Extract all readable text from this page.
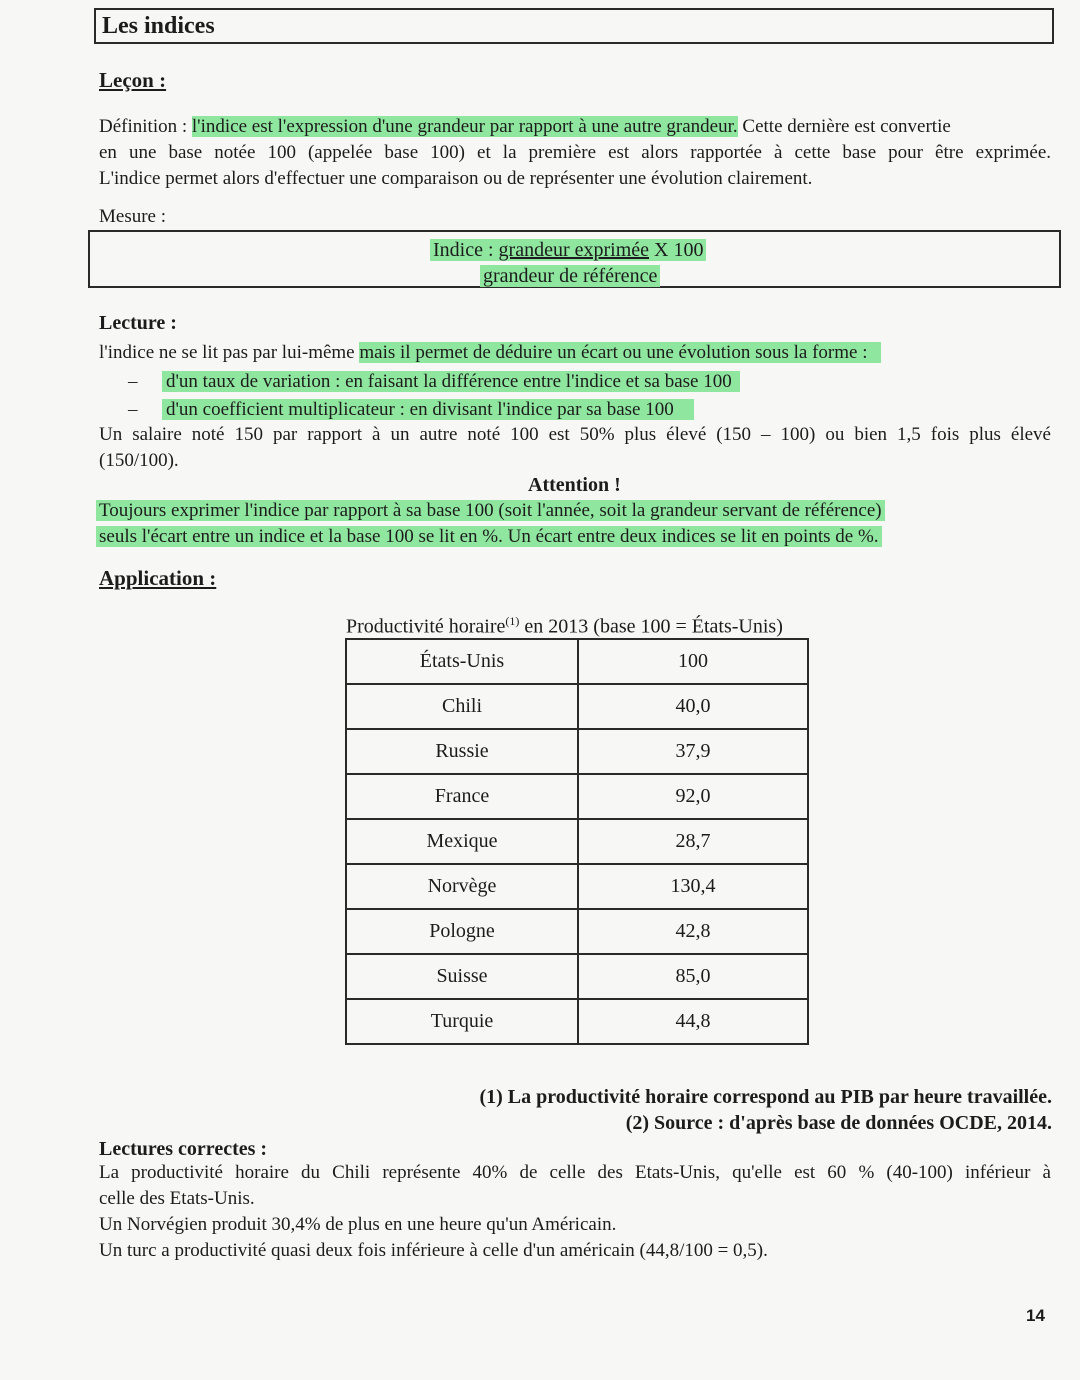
Les indices
Leçon :
Définition : l'indice est l'expression d'une grandeur par rapport à une autre grandeur. Cette dernière est convertie
en une base notée 100 (appelée base 100) et la première est alors rapportée à cette base pour être exprimée.
L'indice permet alors d'effectuer une comparaison ou de représenter une évolution clairement.
Mesure :
Indice : grandeur exprimée X 100
grandeur de référence
Lecture :
l'indice ne se lit pas par lui-même mais il permet de déduire un écart ou une évolution sous la forme :
– d'un taux de variation : en faisant la différence entre l'indice et sa base 100
– d'un coefficient multiplicateur : en divisant l'indice par sa base 100
Un salaire noté 150 par rapport à un autre noté 100 est 50% plus élevé (150 – 100) ou bien 1,5 fois plus élevé
(150/100).
Attention !
Toujours exprimer l'indice par rapport à sa base 100 (soit l'année, soit la grandeur servant de référence)
seuls l'écart entre un indice et la base 100 se lit en %. Un écart entre deux indices se lit en points de %.
Application :
Productivité horaire$^{(1)}$ en 2013 (base 100 = États-Unis)
États-Unis	100
Chili	40,0
Russie	37,9
France	92,0
Mexique	28,7
Norvège	130,4
Pologne	42,8
Suisse	85,0
Turquie	44,8
(1) La productivité horaire correspond au PIB par heure travaillée.
(2) Source : d'après base de données OCDE, 2014.
Lectures correctes :
La productivité horaire du Chili représente 40% de celle des Etats-Unis, qu'elle est 60 % (40-100) inférieur à
celle des Etats-Unis.
Un Norvégien produit 30,4% de plus en une heure qu'un Américain.
Un turc a productivité quasi deux fois inférieure à celle d'un américain (44,8/100 = 0,5).
14
